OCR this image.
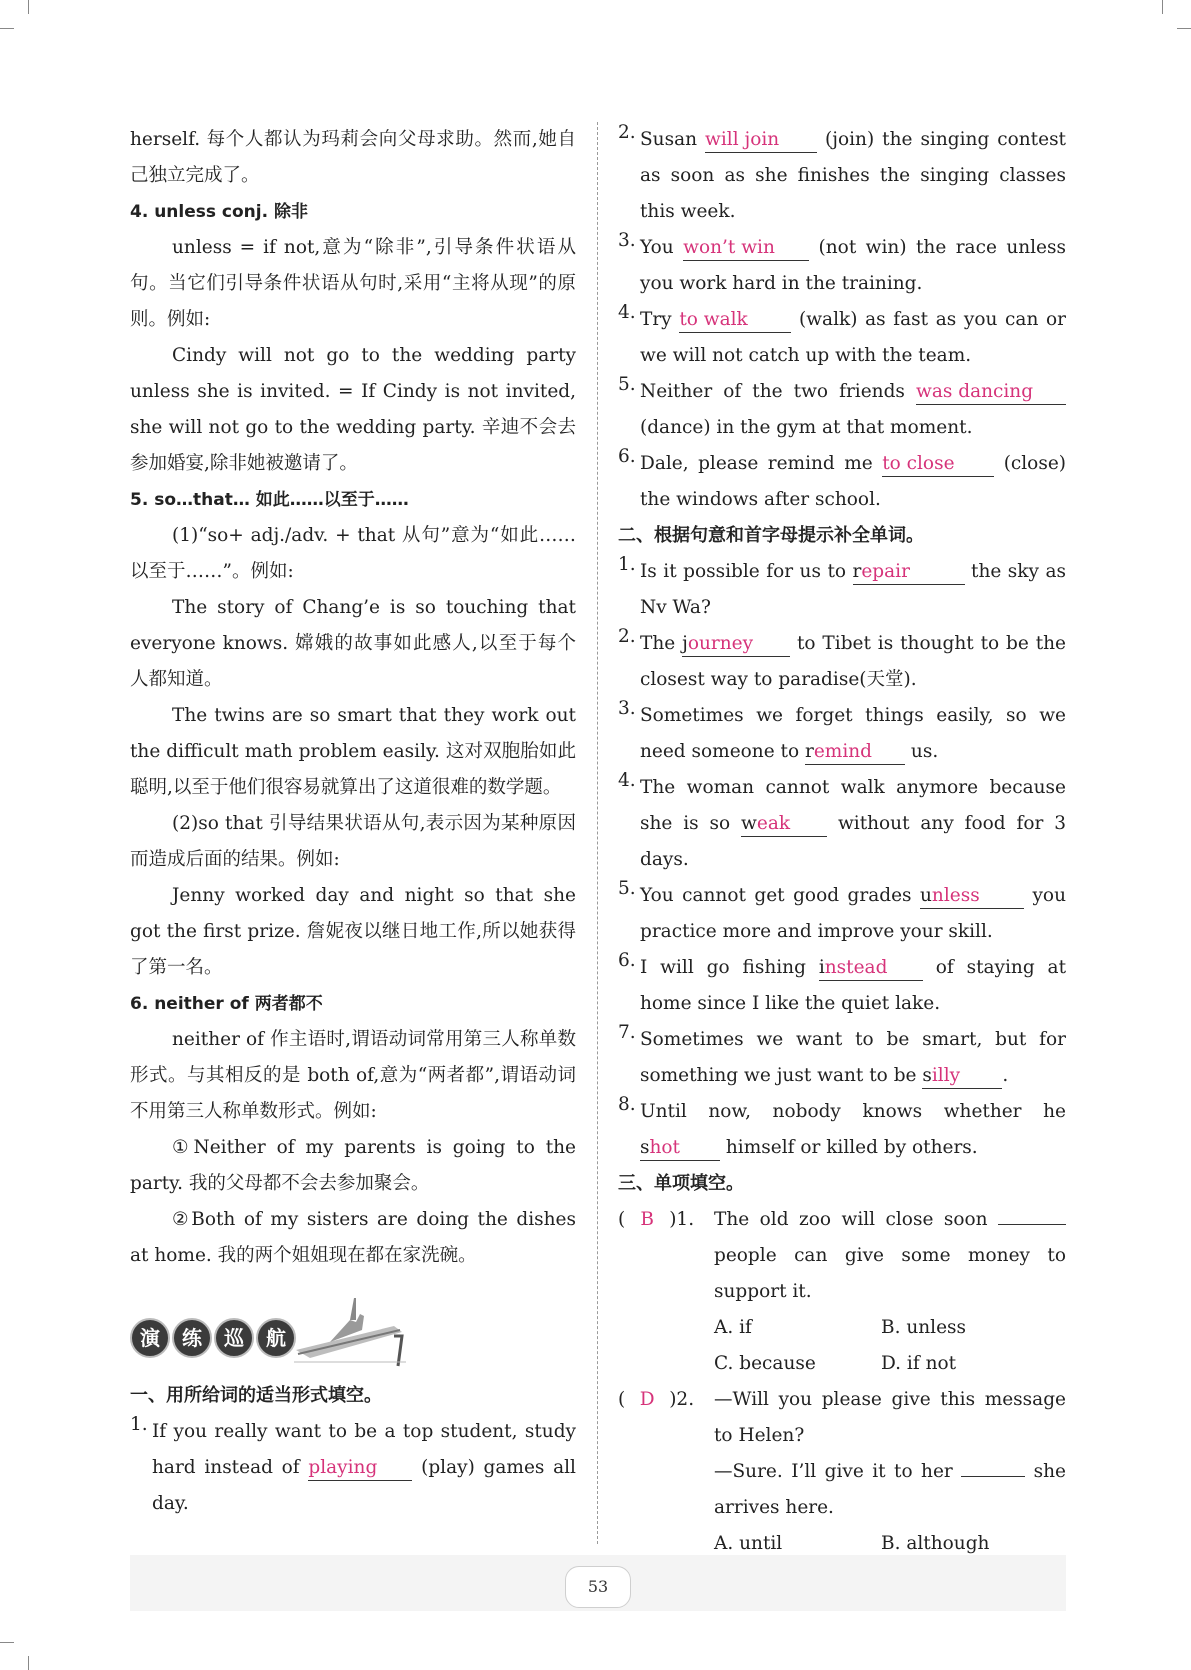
herself. 每个人都认为玛莉会向父母求助。然而,她自己独立完成了。

4. unless conj. 除非

unless = if not,意为“除非”,引导条件状语从句。当它们引导条件状语从句时,采用“主将从现”的原则。例如:

Cindy will not go to the wedding party unless she is invited. = If Cindy is not invited, she will not go to the wedding party. 辛迪不会去参加婚宴,除非她被邀请了。

5. so…that… 如此……以至于……

(1)“so+ adj./adv. + that 从句”意为“如此……以至于……”。例如:

The story of Chang’e is so touching that everyone knows. 嫦娥的故事如此感人,以至于每个人都知道。

The twins are so smart that they work out the difficult math problem easily. 这对双胞胎如此聪明,以至于他们很容易就算出了这道很难的数学题。

(2)so that 引导结果状语从句,表示因为某种原因而造成后面的结果。例如:

Jenny worked day and night so that she got the first prize. 詹妮夜以继日地工作,所以她获得了第一名。

6. neither of 两者都不

neither of 作主语时,谓语动词常用第三人称单数形式。与其相反的是 both of,意为“两者都”,谓语动词不用第三人称单数形式。例如:

①Neither of my parents is going to the party. 我的父母都不会去参加聚会。

②Both of my sisters are doing the dishes at home. 我的两个姐姐现在都在家洗碗。

演	练	巡	航

一、用所给词的适当形式填空。

1. If you really want to be a top student, study hard instead of playing (play) games all day.

2. Susan will join (join) the singing contest as soon as she finishes the singing classes this week.

3. You won’t win (not win) the race unless you work hard in the training.

4. Try to walk	(walk) as fast as you can or we will not catch up with the team.

5. Neither of the two friends was dancing (dance) in the gym at that moment.

6. Dale, please remind me to close	(close) the windows after school.

二、根据句意和首字母提示补全单词。

1. Is it possible for us to repair	the sky as Nv Wa?

2. The journey to Tibet is thought to be the closest way to paradise(天堂).

3. Sometimes we forget things easily, so we need someone to remind us.

4. The woman cannot walk anymore because she is so weak	without any food for 3 days.

5. You cannot get good grades unless	you practice more and improve your skill.

6. I will go fishing instead	of staying at home since I like the quiet lake.

7. Sometimes we want to be smart, but for something we just want to be silly .

8. Until now, nobody knows whether he shot himself or killed by others.

三、单项填空。

( B )1.	The old zoo will close soon  people can give some money to support it.

A. if	B. unless

C. because	D. if not

( D )2.	—Will you please give this message to Helen?

—Sure. I’ll give it to her	she arrives here.

A. until	B. although

53
